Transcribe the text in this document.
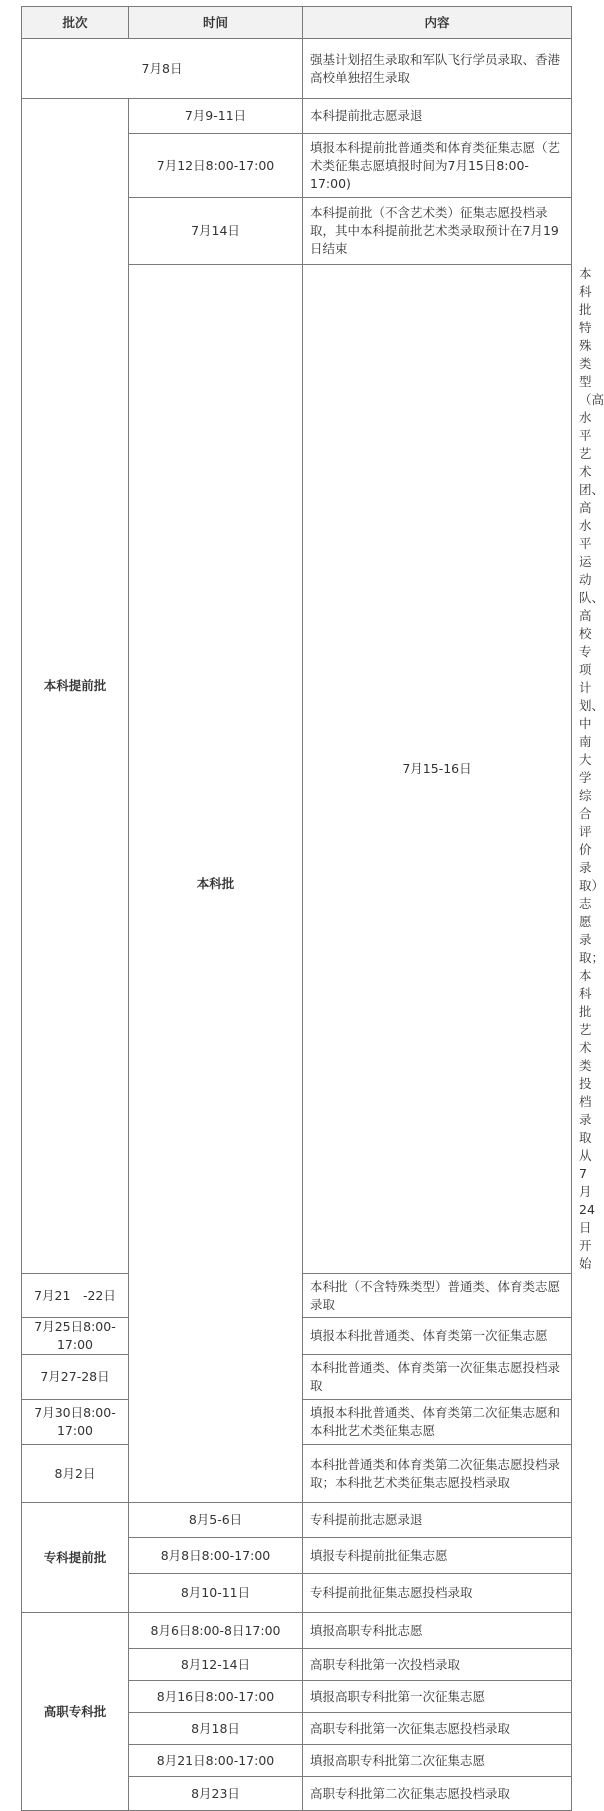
批次	时间	内容	
7月8日		强基计划招生录取和军队飞行学员录取、香港高校单独招生录取	
本科提前批	7月9-11日	本科提前批志愿录退	
	7月12日8:00-17:00	填报本科提前批普通类和体育类征集志愿（艺术类征集志愿填报时间为7月15日8:00-17:00)	
	7月14日	本科提前批（不含艺术类）征集志愿投档录取，其中本科提前批艺术类录取预计在7月19日结束	
	本科批	7月15-16日	本科批特殊类型（高水平艺术团、高水平运动队、高校专项计划、中南大学综合评价录取）志愿录取；本科批艺术类投档录取从7月24日开始
7月21　-22日		本科批（不含特殊类型）普通类、体育类志愿录取	
7月25日8:00-17:00		填报本科批普通类、体育类第一次征集志愿	
7月27-28日		本科批普通类、体育类第一次征集志愿投档录取	
7月30日8:00-17:00		填报本科批普通类、体育类第二次征集志愿和本科批艺术类征集志愿	
8月2日		本科批普通类和体育类第二次征集志愿投档录取；本科批艺术类征集志愿投档录取	
专科提前批	8月5-6日	专科提前批志愿录退	
	8月8日8:00-17:00	填报专科提前批征集志愿	
	8月10-11日	专科提前批征集志愿投档录取	
高职专科批	8月6日8:00-8日17:00	填报高职专科批志愿	
	8月12-14日	高职专科批第一次投档录取	
	8月16日8:00-17:00	填报高职专科批第一次征集志愿	
	8月18日	高职专科批第一次征集志愿投档录取	
	8月21日8:00-17:00	填报高职专科批第二次征集志愿	
	8月23日	高职专科批第二次征集志愿投档录取	
